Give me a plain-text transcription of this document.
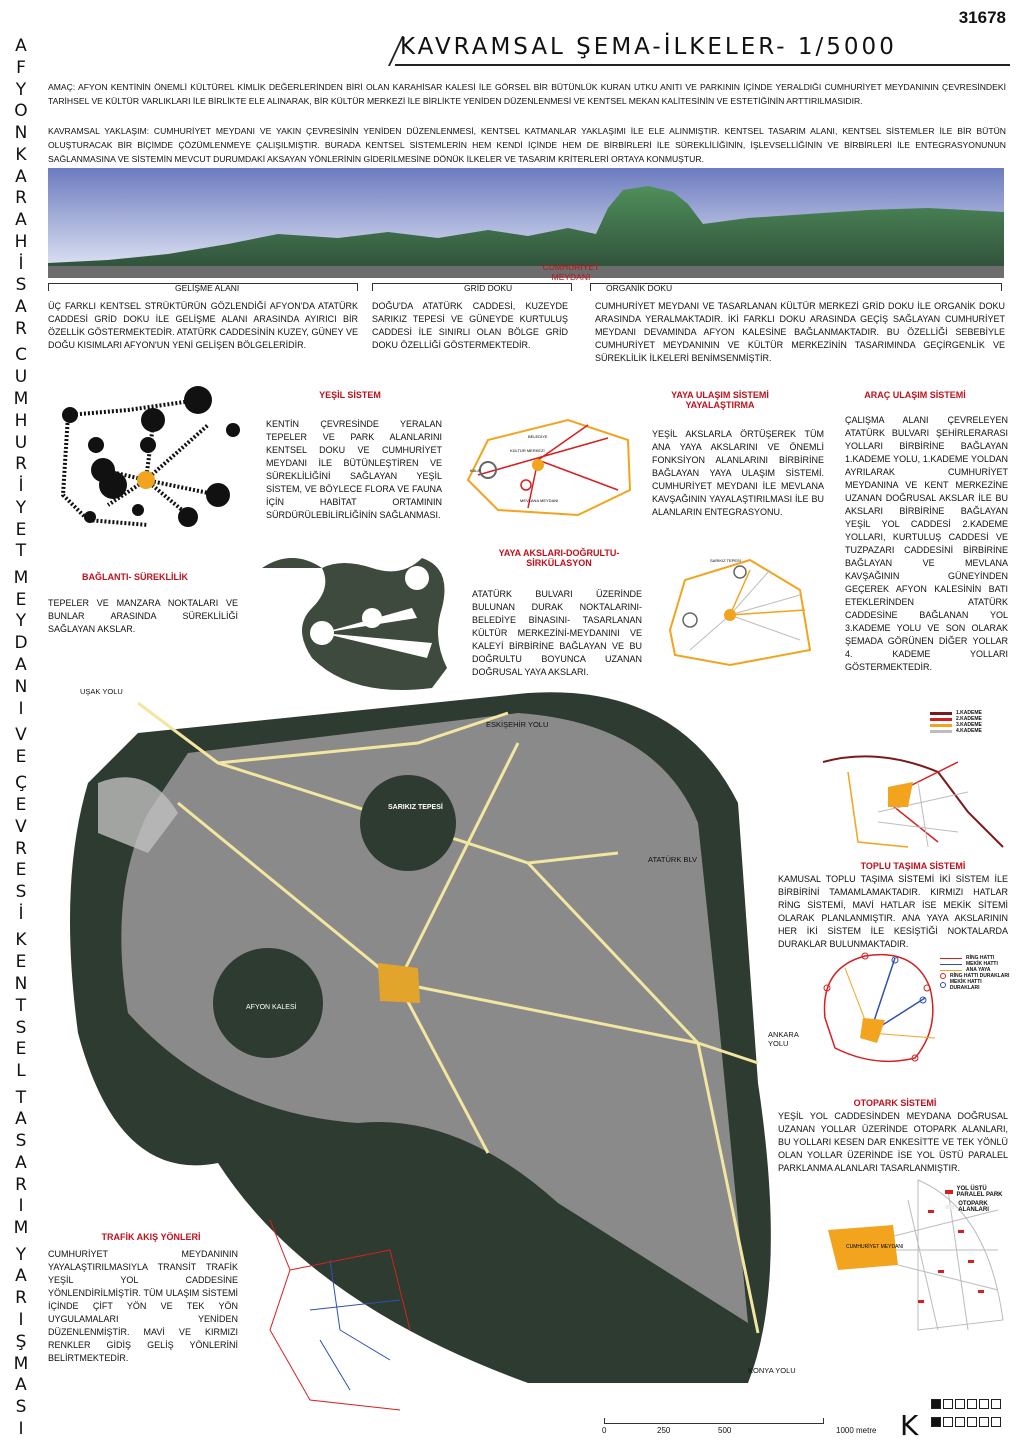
A
F
Y
O
N
K
A
R
A
H
İ
S
A
R
C
U
M
H
U
R
İ
Y
E
T
M
E
Y
D
A
N
I
V
E
Ç
E
V
R
E
S
İ
K
E
N
T
S
E
L
T
A
S
A
R
I
M
Y
A
R
I
Ş
M
A
S
I
31678
KAVRAMSAL ŞEMA-İLKELER- 1/5000

AMAÇ: AFYON KENTİNİN ÖNEMLİ KÜLTÜREL KİMLİK DEĞERLERİNDEN BİRİ OLAN KARAHİSAR KALESİ İLE GÖRSEL BİR BÜTÜNLÜK KURAN UTKU ANITI VE PARKININ İÇİNDE YERALDIĞI CUMHURİYET MEYDANININ ÇEVRESİNDEKİ TARİHSEL VE KÜLTÜR VARLIKLARI İLE BİRLİKTE ELE ALINARAK, BİR KÜLTÜR MERKEZİ İLE BİRLİKTE YENİDEN DÜZENLENMESİ VE KENTSEL MEKAN KALİTESİNİN VE ESTETİĞİNİN ARTTIRILMASIDIR.

KAVRAMSAL YAKLAŞIM: CUMHURİYET MEYDANI VE YAKIN ÇEVRESİNİN YENİDEN DÜZENLENMESİ, KENTSEL KATMANLAR YAKLAŞIMI İLE ELE ALINMIŞTIR. KENTSEL TASARIM ALANI, KENTSEL SİSTEMLER İLE BİR BÜTÜN OLUŞTURACAK BİR BİÇİMDE ÇÖZÜMLENMEYE ÇALIŞILMIŞTIR. BURADA KENTSEL SİSTEMLERİN HEM KENDİ İÇİNDE HEM DE BİRBİRLERİ İLE SÜREKLİLİĞİNİN, İŞLEVSELLİĞİNİN VE BİRBİRLERİ İLE ENTEGRASYONUNUN SAĞLANMASINA VE SİSTEMİN MEVCUT DURUMDAKİ AKSAYAN YÖNLERİNİN GİDERİLMESİNE DÖNÜK İLKELER VE TASARIM KRİTERLERİ ORTAYA KONMUŞTUR.

GELİŞME ALANI	GRİD DOKU
CUMHURİYET MEYDANI
ORGANİK DOKU

ÜÇ FARKLI KENTSEL STRÜKTÜRÜN GÖZLENDİĞİ AFYON'DA ATATÜRK CADDESİ GRİD DOKU İLE GELİŞME ALANI ARASINDA AYIRICI BİR ÖZELLİK GÖSTERMEKTEDİR. ATATÜRK CADDESİNİN KUZEY, GÜNEY VE DOĞU KISIMLARI AFYON'UN YENİ GELİŞEN BÖLGELERİDİR.

DOĞU'DA ATATÜRK CADDESİ, KUZEYDE SARIKIZ TEPESİ VE GÜNEYDE KURTULUŞ CADDESİ İLE SINIRLI OLAN BÖLGE GRİD DOKU ÖZELLİĞİ GÖSTERMEKTEDİR.

CUMHURİYET MEYDANI VE TASARLANAN KÜLTÜR MERKEZİ GRİD DOKU İLE ORGANİK DOKU ARASINDA YERALMAKTADIR. İKİ FARKLI DOKU ARASINDA GEÇİŞ SAĞLAYAN CUMHURİYET MEYDANI DEVAMINDA AFYON KALESİNE BAĞLANMAKTADIR. BU ÖZELLİĞİ SEBEBİYLE CUMHURİYET MEYDANININ VE KÜLTÜR MERKEZİNİN TASARIMINDA GEÇİRGENLİK VE SÜREKLİLİK İLKELERİ BENİMSENMİŞTİR.

YEŞİL SİSTEM

KENTİN ÇEVRESİNDE YERALAN TEPELER VE PARK ALANLARINI KENTSEL DOKU VE CUMHURİYET MEYDANI İLE BÜTÜNLEŞTİREN VE SÜREKLİLİĞİNİ SAĞLAYAN YEŞİL SİSTEM, VE BÖYLECE FLORA VE FAUNA İÇİN HABİTAT ORTAMININ SÜRDÜRÜLEBİLİRLİĞİNİN SAĞLANMASI.

BAĞLANTI- SÜREKLİLİK

TEPELER VE MANZARA NOKTALARI VE BUNLAR ARASINDA SÜREKLİLİĞİ SAĞLAYAN AKSLAR.

BELEDİYE
KÜLTÜR MERKEZİ
KALE
MEVLANA MEYDANI
YAYA ULAŞIM SİSTEMİ YAYALAŞTIRMA

YEŞİL AKSLARLA ÖRTÜŞEREK TÜM ANA YAYA AKSLARINI VE ÖNEMLİ FONKSİYON ALANLARINI BİRBİRİNE BAĞLAYAN YAYA ULAŞIM SİSTEMİ. CUMHURİYET MEYDANI İLE MEVLANA KAVŞAĞININ YAYALAŞTIRILMASI İLE BU ALANLARIN ENTEGRASYONU.

YAYA AKSLARI-DOĞRULTU-SİRKÜLASYON

ATATÜRK BULVARI ÜZERİNDE BULUNAN DURAK NOKTALARINI-BELEDİYE BİNASINI- TASARLANAN KÜLTÜR MERKEZİNİ-MEYDANINI VE KALEYİ BİRBİRİNE BAĞLAYAN VE BU DOĞRULTU BOYUNCA UZANAN DOĞRUSAL YAYA AKSLARI.

SARIKIZ TEPESİ
ARAÇ ULAŞIM SİSTEMİ

ÇALIŞMA ALANI ÇEVRELEYEN ATATÜRK BULVARI ŞEHİRLERARASI YOLLARI BİRBİRİNE BAĞLAYAN 1.KADEME YOLU, 1.KADEME YOLDAN AYRILARAK CUMHURİYET MEYDANINA VE KENT MERKEZİNE UZANAN DOĞRUSAL AKSLAR İLE BU AKSLARI BİRBİRİNE BAĞLAYAN YEŞİL YOL CADDESİ 2.KADEME YOLLARI, KURTULUŞ CADDESİ VE TUZPAZARI CADDESİNİ BİRBİRİNE BAĞLAYAN VE MEVLANA KAVŞAĞININ GÜNEYİNDEN GEÇEREK AFYON KALESİNİN BATI ETEKLERİNDEN ATATÜRK CADDESİNE BAĞLANAN YOL 3.KADEME YOLU VE SON OLARAK ŞEMADA GÖRÜNEN DİĞER YOLLAR 4. KADEME YOLLARI GÖSTERMEKTEDİR.

1.KADEME
2.KADEME
3.KADEME
4.KADEME
TOPLU TAŞIMA SİSTEMİ

KAMUSAL TOPLU TAŞIMA SİSTEMİ İKİ SİSTEM İLE BİRBİRİNİ TAMAMLAMAKTADIR. KIRMIZI HATLAR RİNG SİSTEMİ, MAVİ HATLAR İSE MEKİK SİTEMİ OLARAK PLANLANMIŞTIR. ANA YAYA AKSLARININ HER İKİ SİSTEM İLE KESİŞTİĞİ NOKTALARDA DURAKLAR BULUNMAKTADIR.

RİNG HATTI
MEKİK HATTI
ANA YAYA
RİNG HATTI DURAKLARI
MEKİK HATTI DURAKLARI
OTOPARK SİSTEMİ

YEŞİL YOL CADDESİNDEN MEYDANA DOĞRUSAL UZANAN YOLLAR ÜZERİNDE OTOPARK ALANLARI, BU YOLLARI KESEN DAR ENKESİTTE VE TEK YÖNLÜ OLAN YOLLAR ÜZERİNDE İSE YOL ÜSTÜ PARALEL PARKLANMA ALANLARI TASARLANMIŞTIR.

CUMHURİYET MEYDANI
YOL ÜSTÜ PARALEL PARK
OTOPARK ALANLARI
SARIKIZ TEPESİ
AFYON KALESİ
UŞAK YOLU
ESKİŞEHİR YOLU
ATATÜRK BLV
ANKARA YOLU
KONYA YOLU
TRAFİK AKIŞ YÖNLERİ

CUMHURİYET MEYDANININ YAYALAŞTIRILMASIYLA TRANSİT TRAFİK YEŞİL YOL CADDESİNE YÖNLENDİRİLMİŞTİR. TÜM ULAŞIM SİSTEMİ İÇİNDE ÇİFT YÖN VE TEK YÖN UYGULAMALARI YENİDEN DÜZENLENMİŞTİR. MAVİ VE KIRMIZI RENKLER GİDİŞ GELİŞ YÖNLERİNİ BELİRTMEKTEDİR.

0	250	500	1000 metre K
